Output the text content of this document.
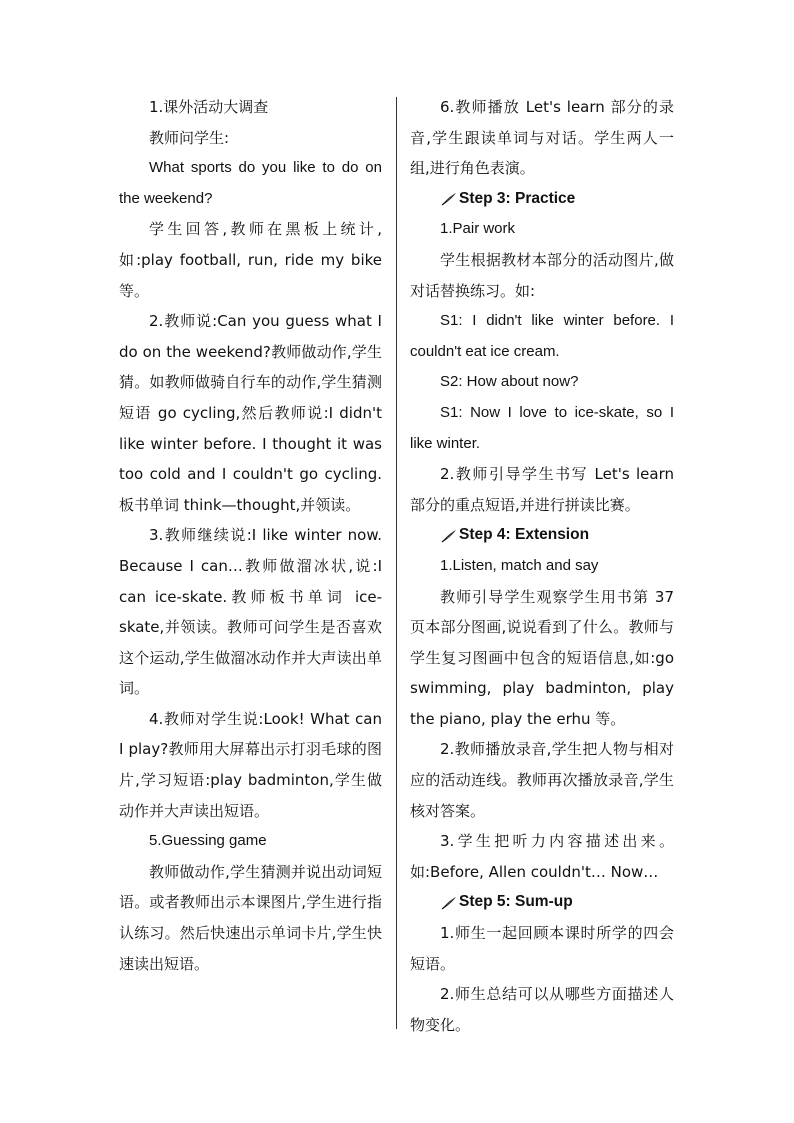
1.课外活动大调查

教师问学生:

What sports do you like to do on the weekend?

学生回答,教师在黑板上统计,如:play football, run, ride my bike等。

2.教师说:Can you guess what I do on the weekend?教师做动作,学生猜。如教师做骑自行车的动作,学生猜测短语 go cycling,然后教师说:I didn't like winter before. I thought it was too cold and I couldn't go cycling.板书单词 think—thought,并领读。

3.教师继续说:I like winter now. Because I can…教师做溜冰状,说:I can ice-skate.教师板书单词 ice-skate,并领读。教师可问学生是否喜欢这个运动,学生做溜冰动作并大声读出单词。

4.教师对学生说:Look! What can I play?教师用大屏幕出示打羽毛球的图片,学习短语:play badminton,学生做动作并大声读出短语。

5.Guessing game

教师做动作,学生猜测并说出动词短语。或者教师出示本课图片,学生进行指认练习。然后快速出示单词卡片,学生快速读出短语。

6.教师播放 Let's learn 部分的录音,学生跟读单词与对话。学生两人一组,进行角色表演。

Step 3: Practice

1.Pair work

学生根据教材本部分的活动图片,做对话替换练习。如:

S1: I didn't like winter before. I couldn't eat ice cream.

S2: How about now?

S1: Now I love to ice-skate, so I like winter.

2.教师引导学生书写 Let's learn 部分的重点短语,并进行拼读比赛。

Step 4: Extension

1.Listen, match and say

教师引导学生观察学生用书第 37 页本部分图画,说说看到了什么。教师与学生复习图画中包含的短语信息,如:go swimming, play badminton, play the piano, play the erhu 等。

2.教师播放录音,学生把人物与相对应的活动连线。教师再次播放录音,学生核对答案。

3.学生把听力内容描述出来。如:Before, Allen couldn't… Now…

Step 5: Sum-up

1.师生一起回顾本课时所学的四会短语。

2.师生总结可以从哪些方面描述人物变化。
